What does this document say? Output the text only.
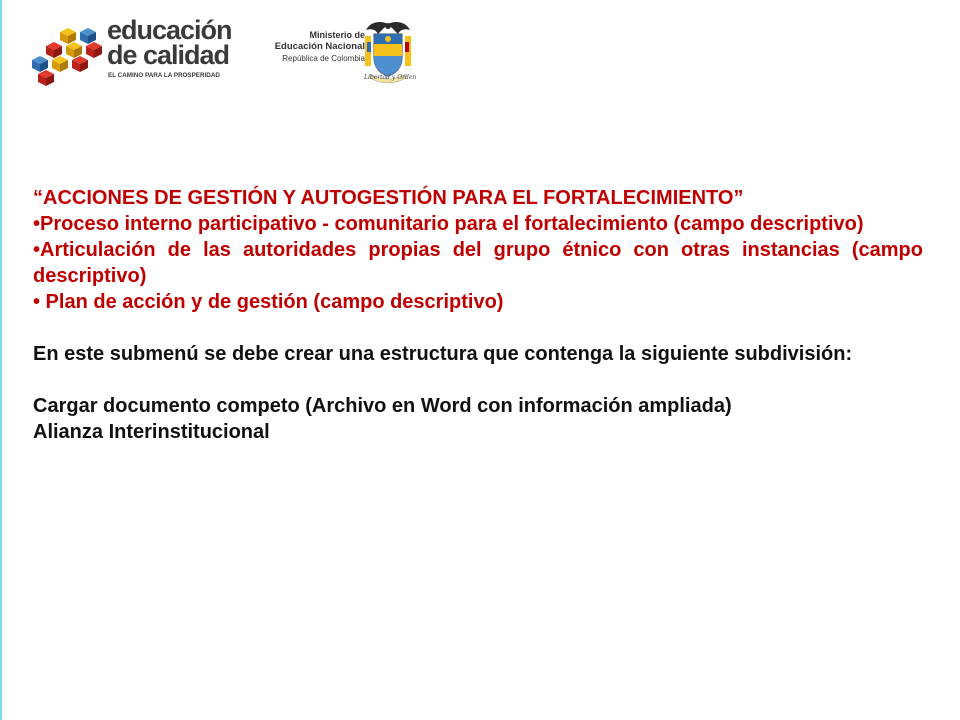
educación
de calidad
EL CAMINO PARA LA PROSPERIDAD
Ministerio de
Educación Nacional
República de Colombia
Libertad y Orden

“ACCIONES DE GESTIÓN Y AUTOGESTIÓN PARA EL FORTALECIMIENTO”

•Proceso interno participativo - comunitario para el fortalecimiento (campo descriptivo)

•Articulación de las autoridades propias del grupo étnico con otras instancias (campo descriptivo)

• Plan de acción y de gestión (campo descriptivo)

En este submenú se debe crear una estructura que contenga la siguiente subdivisión:

Cargar documento competo (Archivo en Word con información ampliada)

Alianza Interinstitucional
